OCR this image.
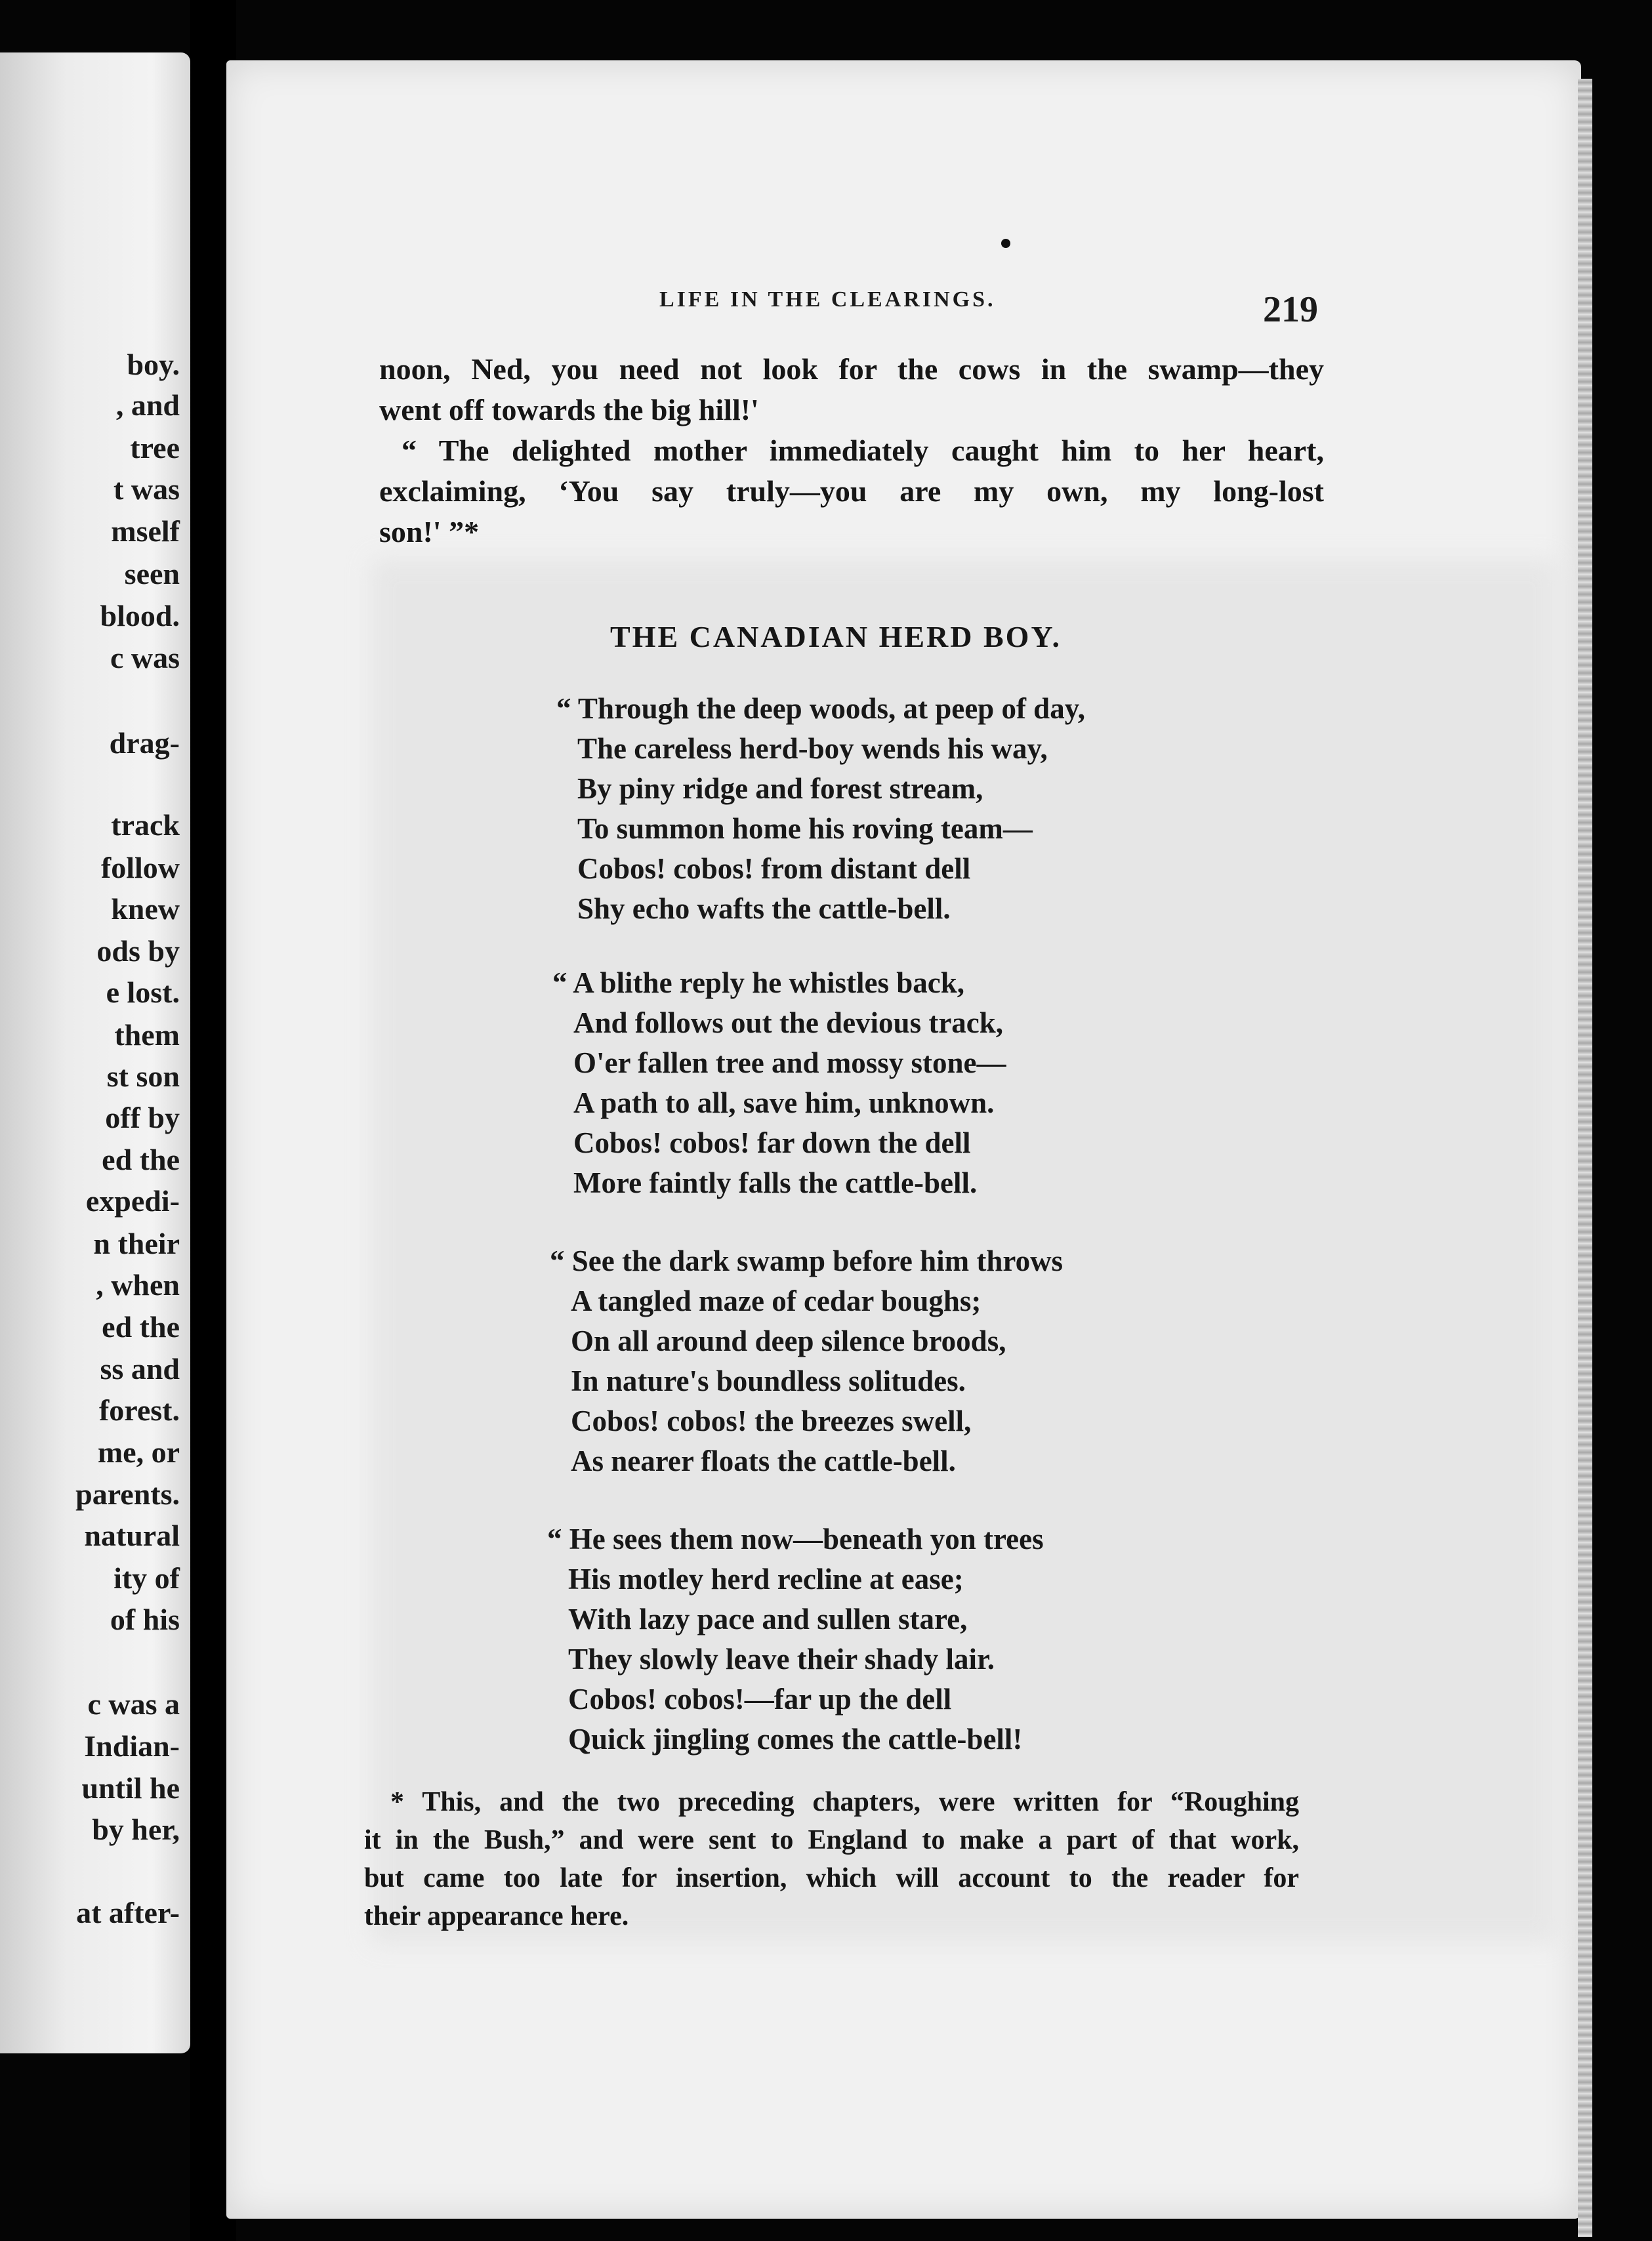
boy.

, and

tree

t was

mself

seen

blood.

c was

drag-

track

follow

knew

ods by

e lost.

them

st son

off by

ed the

expedi-

n their

, when

ed the

ss and

forest.

me, or

parents.

natural

ity of

of his

c was a

Indian-

until he

by her,

at after-

LIFE IN THE CLEARINGS.	219

noon, Ned, you need not look for the cows in the swamp—they
went off towards the big hill!'

“ The delighted mother immediately caught him to her heart,
exclaiming, ‘You say truly—you are my own, my long-lost
son!' ”*

THE CANADIAN HERD BOY.
“ Through the deep woods, at peep of day,
The careless herd-boy wends his way,
By piny ridge and forest stream,
To summon home his roving team—
Cobos! cobos! from distant dell
Shy echo wafts the cattle-bell.
“ A blithe reply he whistles back,
And follows out the devious track,
O'er fallen tree and mossy stone—
A path to all, save him, unknown.
Cobos! cobos! far down the dell
More faintly falls the cattle-bell.
“ See the dark swamp before him throws
A tangled maze of cedar boughs;
On all around deep silence broods,
In nature's boundless solitudes.
Cobos! cobos! the breezes swell,
As nearer floats the cattle-bell.
“ He sees them now—beneath yon trees
His motley herd recline at ease;
With lazy pace and sullen stare,
They slowly leave their shady lair.
Cobos! cobos!—far up the dell
Quick jingling comes the cattle-bell!
* This, and the two preceding chapters, were written for “Roughing
it in the Bush,” and were sent to England to make a part of that work,
but came too late for insertion, which will account to the reader for
their appearance here.
